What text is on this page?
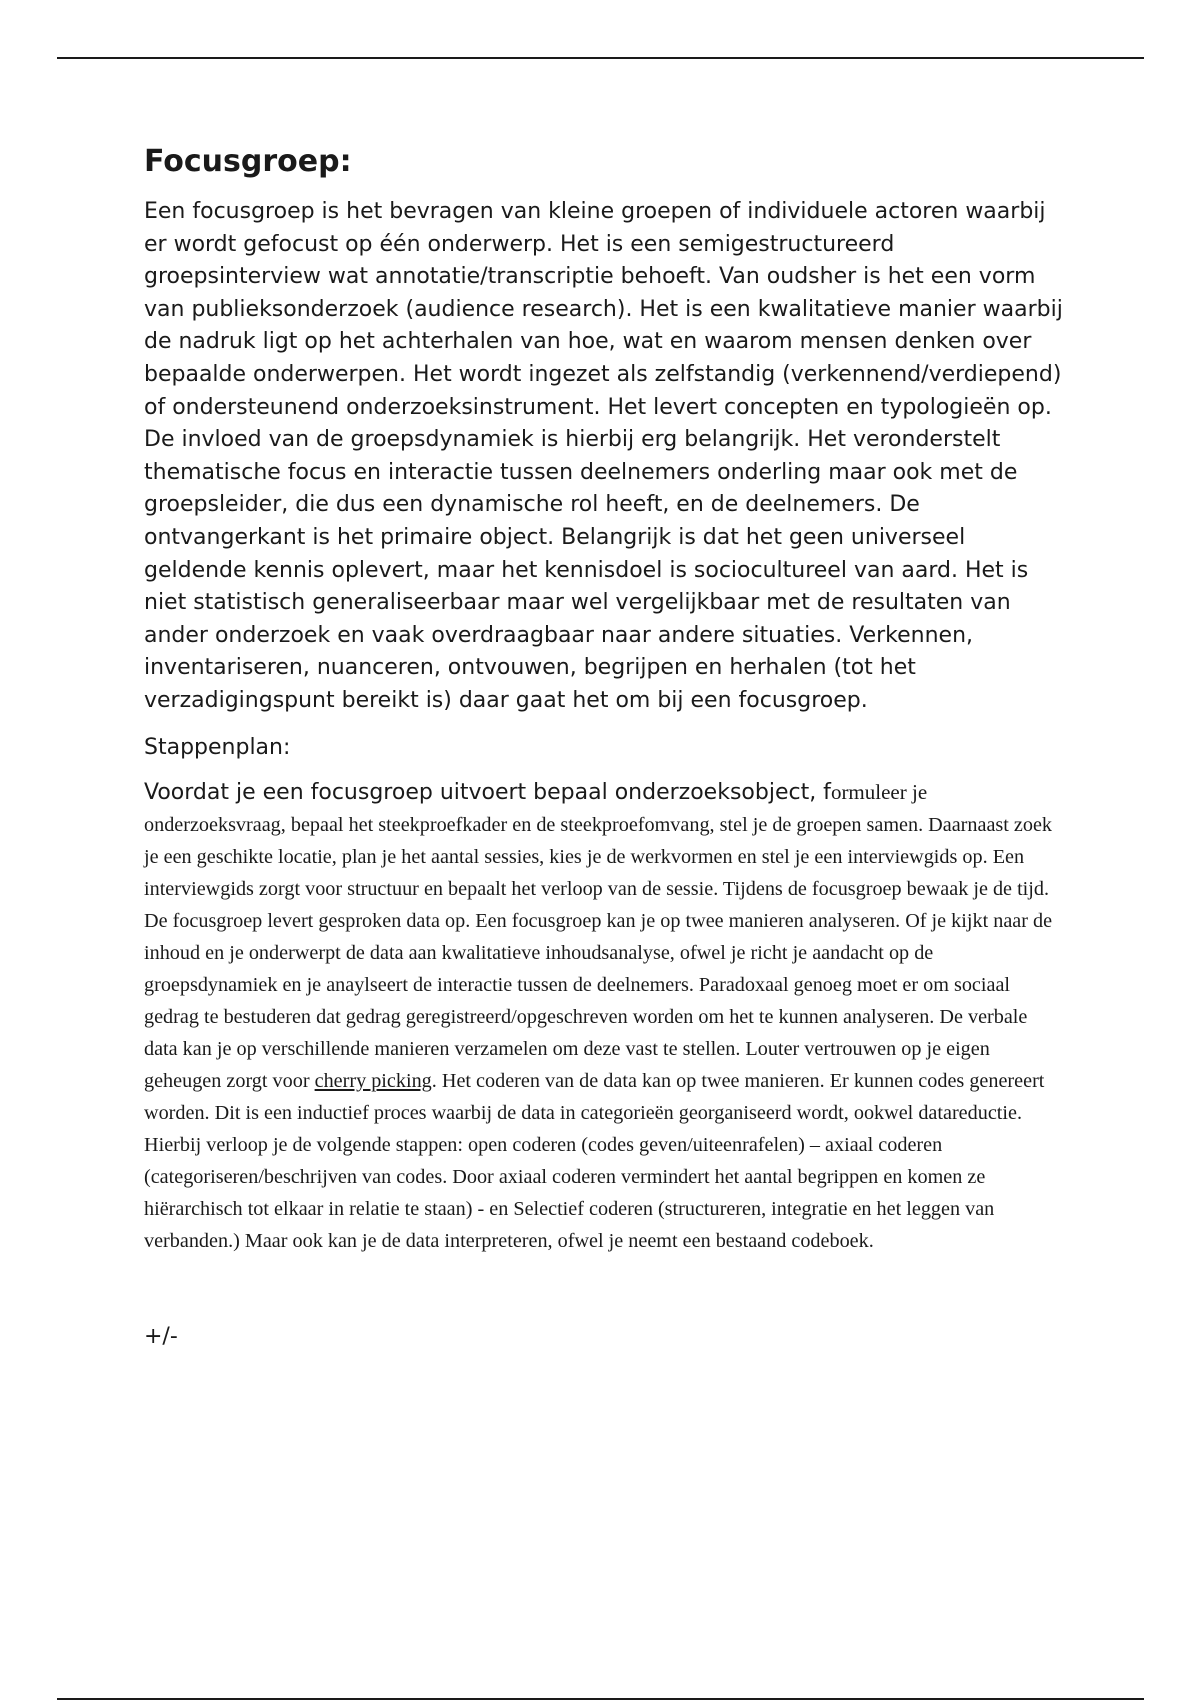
Focusgroep:

Een focusgroep is het bevragen van kleine groepen of individuele actoren waarbij er wordt gefocust op één onderwerp. Het is een semigestructureerd groepsinterview wat annotatie/transcriptie behoeft. Van oudsher is het een vorm van publieksonderzoek (audience research). Het is een kwalitatieve manier waarbij de nadruk ligt op het achterhalen van hoe, wat en waarom mensen denken over bepaalde onderwerpen. Het wordt ingezet als zelfstandig (verkennend/verdiepend) of ondersteunend onderzoeksinstrument. Het levert concepten en typologieën op. De invloed van de groepsdynamiek is hierbij erg belangrijk. Het veronderstelt thematische focus en interactie tussen deelnemers onderling maar ook met de groepsleider, die dus een dynamische rol heeft, en de deelnemers. De ontvangerkant is het primaire object. Belangrijk is dat het geen universeel geldende kennis oplevert, maar het kennisdoel is sociocultureel van aard. Het is niet statistisch generaliseerbaar maar wel vergelijkbaar met de resultaten van ander onderzoek en vaak overdraagbaar naar andere situaties. Verkennen, inventariseren, nuanceren, ontvouwen, begrijpen en herhalen (tot het verzadigingspunt bereikt is) daar gaat het om bij een focusgroep.

Stappenplan:

Voordat je een focusgroep uitvoert bepaal onderzoeksobject, formuleer je onderzoeksvraag, bepaal het steekproefkader en de steekproefomvang, stel je de groepen samen. Daarnaast zoek je een geschikte locatie, plan je het aantal sessies, kies je de werkvormen en stel je een interviewgids op. Een interviewgids zorgt voor structuur en bepaalt het verloop van de sessie. Tijdens de focusgroep bewaak je de tijd. De focusgroep levert gesproken data op. Een focusgroep kan je op twee manieren analyseren. Of je kijkt naar de inhoud en je onderwerpt de data aan kwalitatieve inhoudsanalyse, ofwel je richt je aandacht op de groepsdynamiek en je anaylseert de interactie tussen de deelnemers. Paradoxaal genoeg moet er om sociaal gedrag te bestuderen dat gedrag geregistreerd/opgeschreven worden om het te kunnen analyseren. De verbale data kan je op verschillende manieren verzamelen om deze vast te stellen. Louter vertrouwen op je eigen geheugen zorgt voor cherry picking. Het coderen van de data kan op twee manieren. Er kunnen codes genereert worden. Dit is een inductief proces waarbij de data in categorieën georganiseerd wordt, ookwel datareductie. Hierbij verloop je de volgende stappen: open coderen (codes geven/uiteenrafelen) – axiaal coderen (categoriseren/beschrijven van codes. Door axiaal coderen vermindert het aantal begrippen en komen ze hiërarchisch tot elkaar in relatie te staan) - en Selectief coderen (structureren, integratie en het leggen van verbanden.) Maar ook kan je de data interpreteren, ofwel je neemt een bestaand codeboek.

+/-
